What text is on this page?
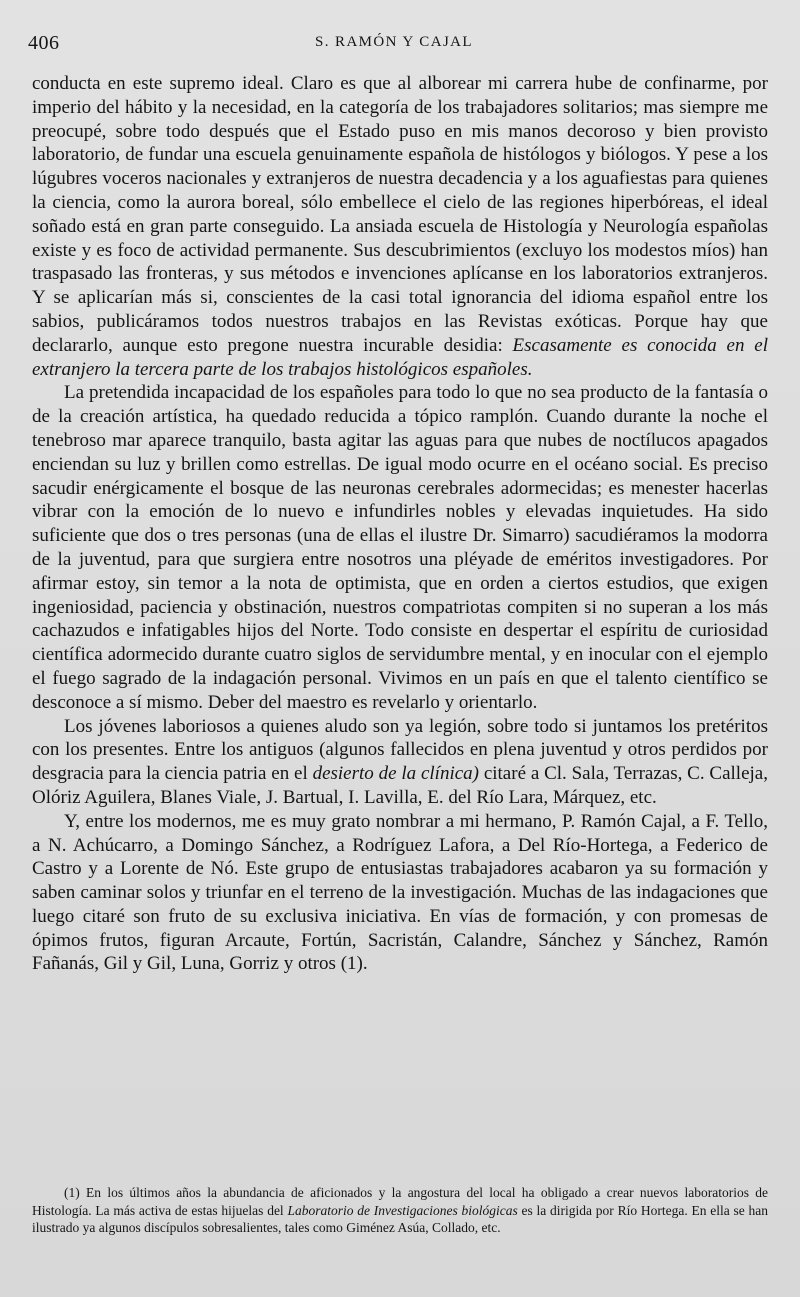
406	S. RAMÓN Y CAJAL

conducta en este supremo ideal. Claro es que al alborear mi carrera hube de confinarme, por imperio del hábito y la necesidad, en la categoría de los trabajadores solitarios; mas siempre me preocupé, sobre todo después que el Estado puso en mis manos decoroso y bien provisto laboratorio, de fundar una escuela genuinamente española de histólogos y biólogos. Y pese a los lúgubres voceros nacionales y extranjeros de nuestra decadencia y a los aguafiestas para quienes la ciencia, como la aurora boreal, sólo embellece el cielo de las regiones hiperbóreas, el ideal soñado está en gran parte conseguido. La ansiada escuela de Histología y Neurología españolas existe y es foco de actividad permanente. Sus descubrimientos (excluyo los modestos míos) han traspasado las fronteras, y sus métodos e invenciones aplícanse en los laboratorios extranjeros. Y se aplicarían más si, conscientes de la casi total ignorancia del idioma español entre los sabios, publicáramos todos nuestros trabajos en las Revistas exóticas. Porque hay que declararlo, aunque esto pregone nuestra incurable desidia: Escasamente es conocida en el extranjero la tercera parte de los trabajos histológicos españoles.

La pretendida incapacidad de los españoles para todo lo que no sea producto de la fantasía o de la creación artística, ha quedado reducida a tópico ramplón. Cuando durante la noche el tenebroso mar aparece tranquilo, basta agitar las aguas para que nubes de noctílucos apagados enciendan su luz y brillen como estrellas. De igual modo ocurre en el océano social. Es preciso sacudir enérgicamente el bosque de las neuronas cerebrales adormecidas; es menester hacerlas vibrar con la emoción de lo nuevo e infundirles nobles y elevadas inquietudes. Ha sido suficiente que dos o tres personas (una de ellas el ilustre Dr. Simarro) sacudiéramos la modorra de la juventud, para que surgiera entre nosotros una pléyade de eméritos investigadores. Por afirmar estoy, sin temor a la nota de optimista, que en orden a ciertos estudios, que exigen ingeniosidad, paciencia y obstinación, nuestros compatriotas compiten si no superan a los más cachazudos e infatigables hijos del Norte. Todo consiste en despertar el espíritu de curiosidad científica adormecido durante cuatro siglos de servidumbre mental, y en inocular con el ejemplo el fuego sagrado de la indagación personal. Vivimos en un país en que el talento científico se desconoce a sí mismo. Deber del maestro es revelarlo y orientarlo.

Los jóvenes laboriosos a quienes aludo son ya legión, sobre todo si juntamos los pretéritos con los presentes. Entre los antiguos (algunos fallecidos en plena juventud y otros perdidos por desgracia para la ciencia patria en el desierto de la clínica) citaré a Cl. Sala, Terrazas, C. Calleja, Olóriz Aguilera, Blanes Viale, J. Bartual, I. Lavilla, E. del Río Lara, Márquez, etc.

Y, entre los modernos, me es muy grato nombrar a mi hermano, P. Ramón Cajal, a F. Tello, a N. Achúcarro, a Domingo Sánchez, a Rodríguez Lafora, a Del Río-Hortega, a Federico de Castro y a Lorente de Nó. Este grupo de entusiastas trabajadores acabaron ya su formación y saben caminar solos y triunfar en el terreno de la investigación. Muchas de las indagaciones que luego citaré son fruto de su exclusiva iniciativa. En vías de formación, y con promesas de ópimos frutos, figuran Arcaute, Fortún, Sacristán, Calandre, Sánchez y Sánchez, Ramón Fañanás, Gil y Gil, Luna, Gorriz y otros (1).

(1) En los últimos años la abundancia de aficionados y la angostura del local ha obligado a crear nuevos laboratorios de Histología. La más activa de estas hijuelas del Laboratorio de Investigaciones biológicas es la dirigida por Río Hortega. En ella se han ilustrado ya algunos discípulos sobresalientes, tales como Giménez Asúa, Collado, etc.
